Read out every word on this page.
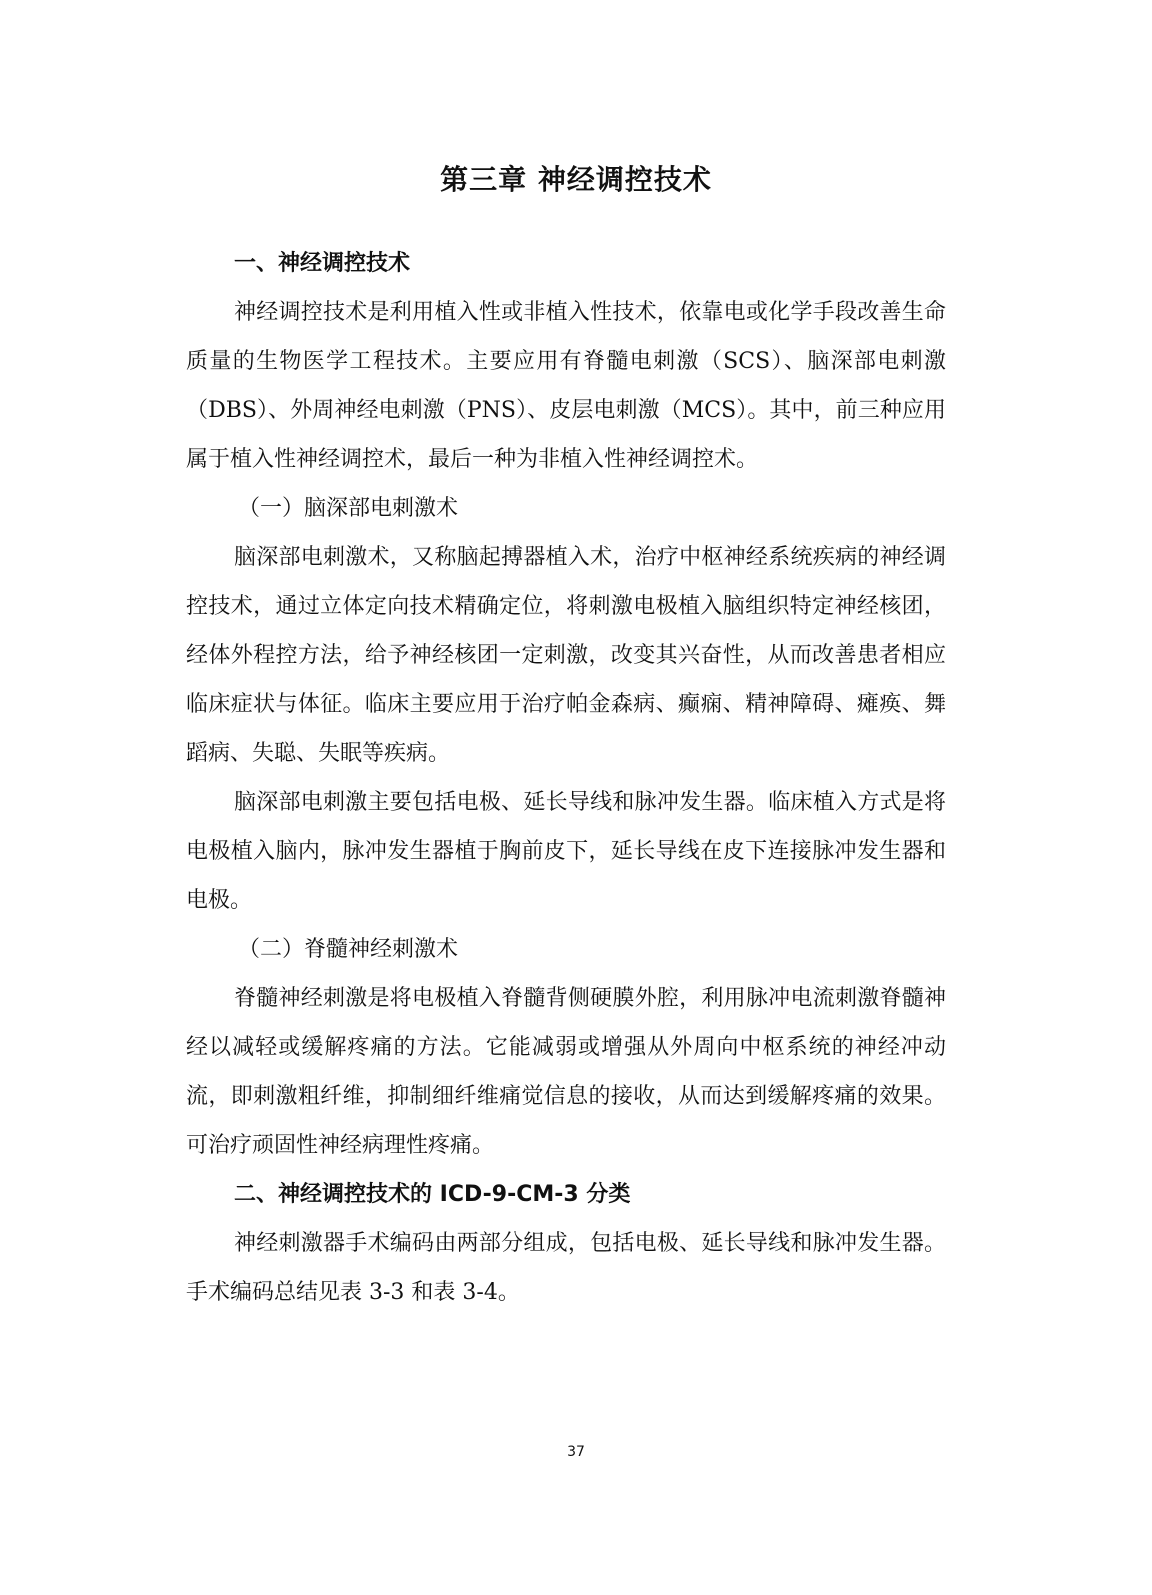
第三章 神经调控技术
一、神经调控技术

神经调控技术是利用植入性或非植入性技术，依靠电或化学手段改善生命质量的生物医学工程技术。主要应用有脊髓电刺激（SCS）、脑深部电刺激（DBS）、外周神经电刺激（PNS）、皮层电刺激（MCS）。其中，前三种应用属于植入性神经调控术，最后一种为非植入性神经调控术。

（一）脑深部电刺激术

脑深部电刺激术，又称脑起搏器植入术，治疗中枢神经系统疾病的神经调控技术，通过立体定向技术精确定位，将刺激电极植入脑组织特定神经核团，经体外程控方法，给予神经核团一定刺激，改变其兴奋性，从而改善患者相应临床症状与体征。临床主要应用于治疗帕金森病、癫痫、精神障碍、瘫痪、舞蹈病、失聪、失眠等疾病。

脑深部电刺激主要包括电极、延长导线和脉冲发生器。临床植入方式是将电极植入脑内，脉冲发生器植于胸前皮下，延长导线在皮下连接脉冲发生器和电极。

（二）脊髓神经刺激术

脊髓神经刺激是将电极植入脊髓背侧硬膜外腔，利用脉冲电流刺激脊髓神经以减轻或缓解疼痛的方法。它能减弱或增强从外周向中枢系统的神经冲动流，即刺激粗纤维，抑制细纤维痛觉信息的接收，从而达到缓解疼痛的效果。可治疗顽固性神经病理性疼痛。

二、神经调控技术的 ICD-9-CM-3 分类

神经刺激器手术编码由两部分组成，包括电极、延长导线和脉冲发生器。手术编码总结见表 3-3 和表 3-4。

37
